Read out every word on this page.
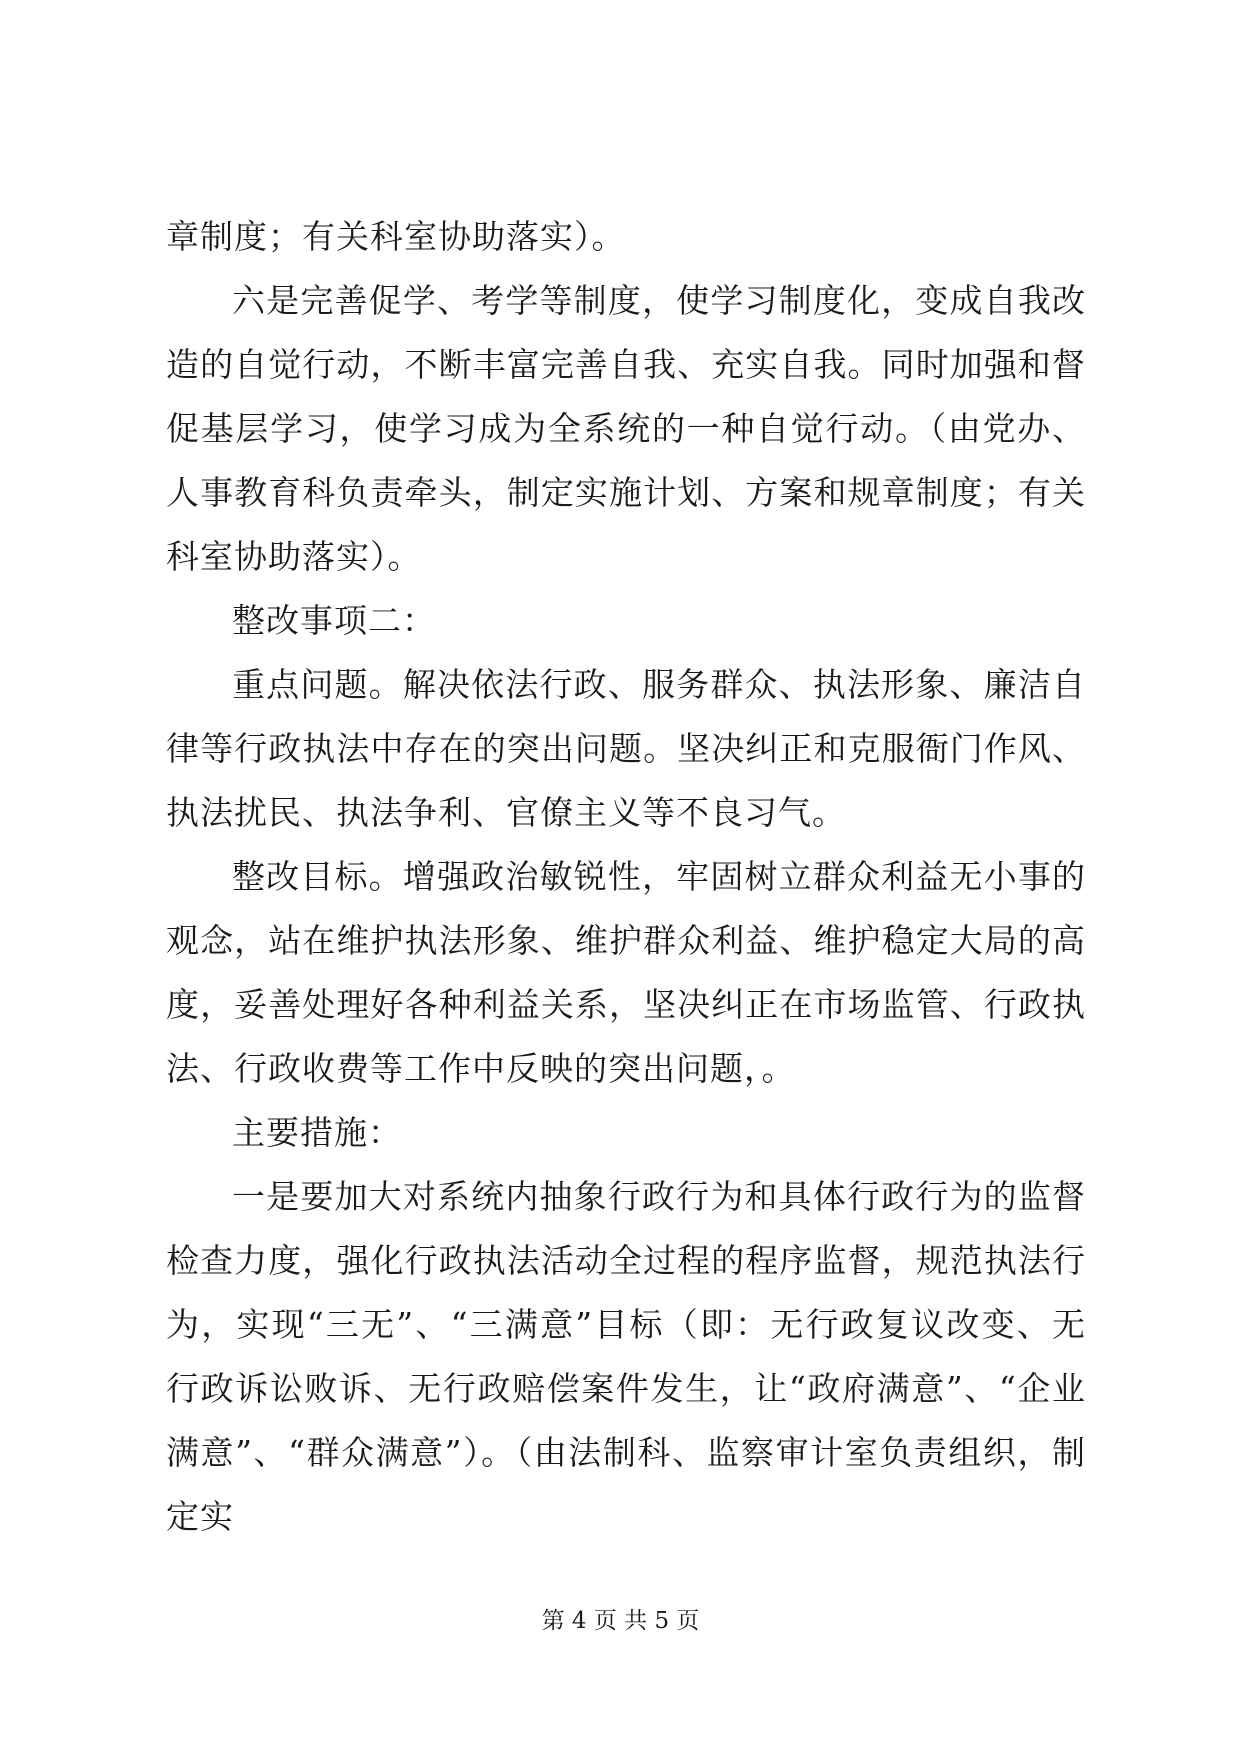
章制度；有关科室协助落实）。

六是完善促学、考学等制度，使学习制度化，变成自我改造的自觉行动，不断丰富完善自我、充实自我。同时加强和督促基层学习，使学习成为全系统的一种自觉行动。（由党办、人事教育科负责牵头，制定实施计划、方案和规章制度；有关科室协助落实）。

整改事项二：

重点问题。解决依法行政、服务群众、执法形象、廉洁自律等行政执法中存在的突出问题。坚决纠正和克服衙门作风、执法扰民、执法争利、官僚主义等不良习气。

整改目标。增强政治敏锐性，牢固树立群众利益无小事的观念，站在维护执法形象、维护群众利益、维护稳定大局的高度，妥善处理好各种利益关系，坚决纠正在市场监管、行政执法、行政收费等工作中反映的突出问题，。

主要措施：

一是要加大对系统内抽象行政行为和具体行政行为的监督检查力度，强化行政执法活动全过程的程序监督，规范执法行为，实现“三无”、“三满意”目标（即：无行政复议改变、无行政诉讼败诉、无行政赔偿案件发生，让“政府满意”、“企业满意”、“群众满意”）。（由法制科、监察审计室负责组织，制定实

第 4 页 共 5 页
